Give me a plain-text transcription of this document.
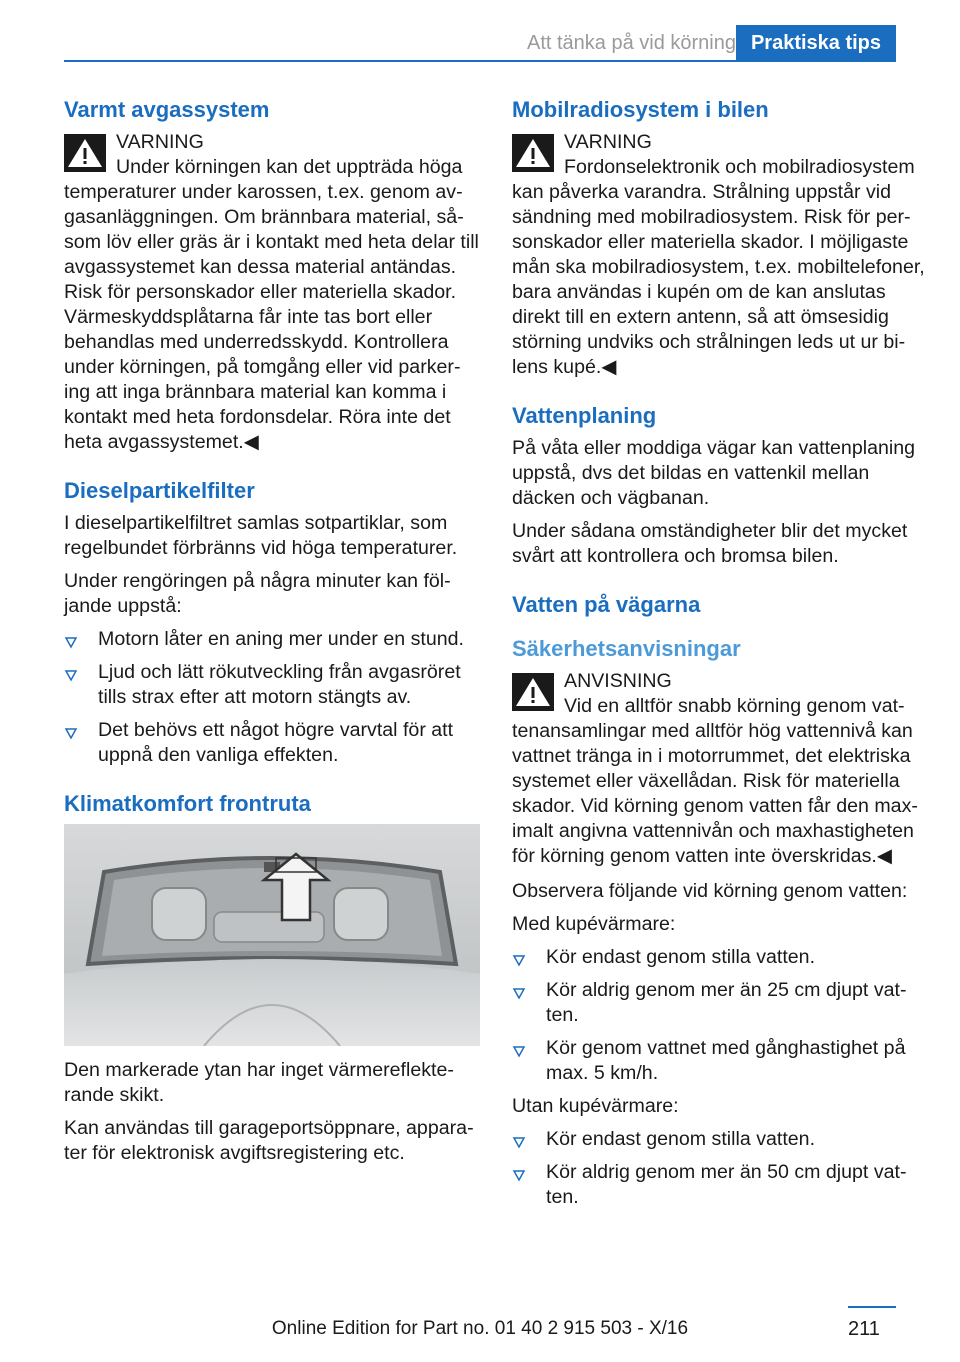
Att tänka på vid körning Praktiska tips
Varmt avgassystem
VARNING
Under körningen kan det uppträda höga temperaturer under karossen, t.ex. genom avgasanläggningen. Om brännbara material, såsom löv eller gräs är i kontakt med heta delar till avgassystemet kan dessa material antändas. Risk för personskador eller materiella skador. Värmeskyddsplåtarna får inte tas bort eller behandlas med underredsskydd. Kontrollera under körningen, på tomgång eller vid parkering att inga brännbara material kan komma i kontakt med heta fordonsdelar. Röra inte det heta avgassystemet.◀
Dieselpartikelfilter

I dieselpartikelfiltret samlas sotpartiklar, som regelbundet förbränns vid höga temperaturer.

Under rengöringen på några minuter kan följande uppstå:

Motorn låter en aning mer under en stund.
Ljud och lätt rökutveckling från avgasröret tills strax efter att motorn stängts av.
Det behövs ett något högre varvtal för att uppnå den vanliga effekten.
Klimatkomfort frontruta

Den markerade ytan har inget värmereflekterande skikt.

Kan användas till garageportsöppnare, apparater för elektronisk avgiftsregistering etc.

Mobilradiosystem i bilen
VARNING
Fordonselektronik och mobilradiosystem kan påverka varandra. Strålning uppstår vid sändning med mobilradiosystem. Risk för personskador eller materiella skador. I möjligaste mån ska mobilradiosystem, t.ex. mobiltelefoner, bara användas i kupén om de kan anslutas direkt till en extern antenn, så att ömsesidig störning undviks och strålningen leds ut ur bilens kupé.◀
Vattenplaning

På våta eller moddiga vägar kan vattenplaning uppstå, dvs det bildas en vattenkil mellan däcken och vägbanan.

Under sådana omständigheter blir det mycket svårt att kontrollera och bromsa bilen.

Vatten på vägarna
Säkerhetsanvisningar
ANVISNING
Vid en alltför snabb körning genom vattenansamlingar med alltför hög vattennivå kan vattnet tränga in i motorrummet, det elektriska systemet eller växellådan. Risk för materiella skador. Vid körning genom vatten får den maximalt angivna vattennivån och maxhastigheten för körning genom vatten inte överskridas.◀

Observera följande vid körning genom vatten:

Med kupévärmare:

Kör endast genom stilla vatten.
Kör aldrig genom mer än 25 cm djupt vatten.
Kör genom vattnet med gånghastighet på max. 5 km/h.

Utan kupévärmare:

Kör endast genom stilla vatten.
Kör aldrig genom mer än 50 cm djupt vatten.
211
Online Edition for Part no. 01 40 2 915 503 - X/16
